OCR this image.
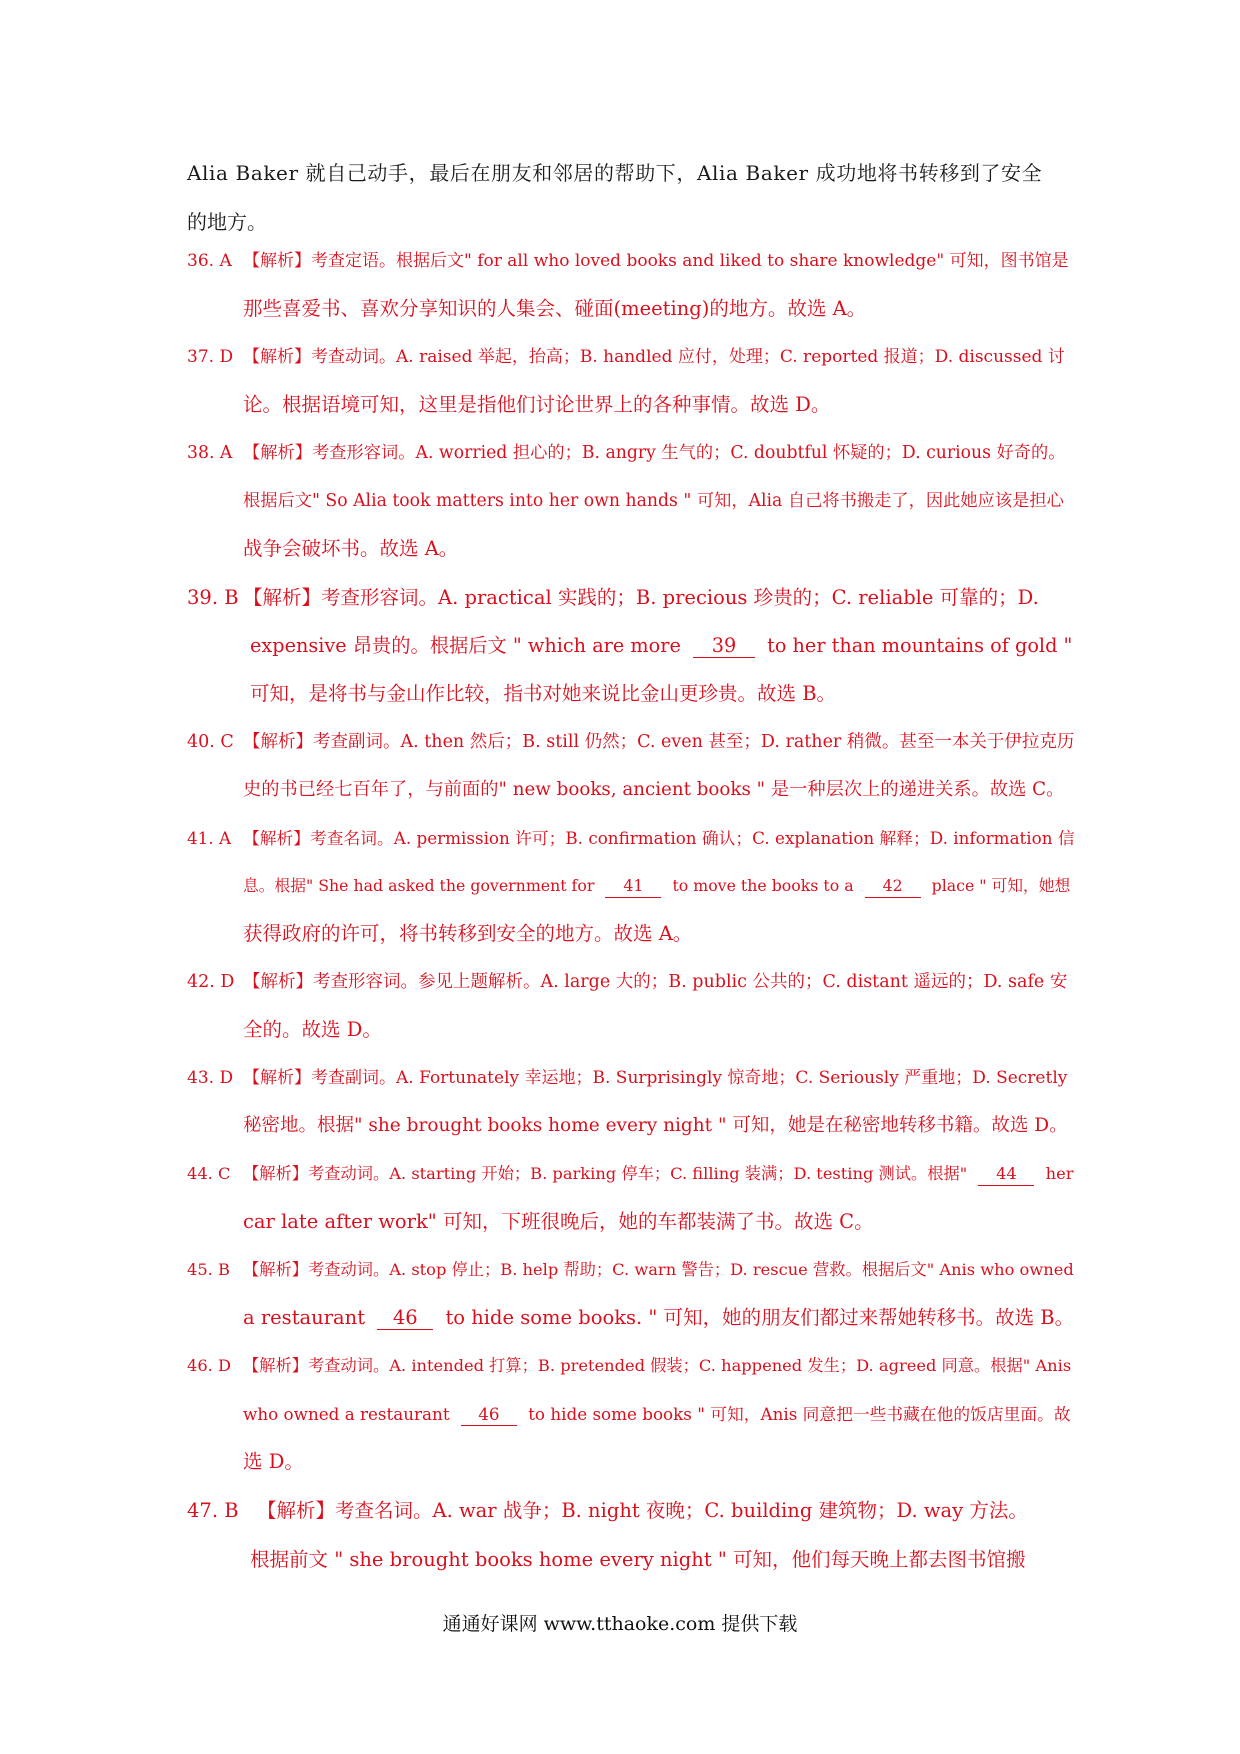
Alia Baker 就自己动手，最后在朋友和邻居的帮助下，Alia Baker 成功地将书转移到了安全
的地方。
36. A 【解析】考查定语。根据后文" for all who loved books and liked to share knowledge" 可知，图书馆是
那些喜爱书、喜欢分享知识的人集会、碰面(meeting)的地方。故选 A。
37. D 【解析】考查动词。A. raised 举起，抬高；B. handled 应付，处理；C. reported 报道；D. discussed 讨
论。根据语境可知，这里是指他们讨论世界上的各种事情。故选 D。
38. A 【解析】考查形容词。A. worried 担心的；B. angry 生气的；C. doubtful 怀疑的；D. curious 好奇的。
根据后文" So Alia took matters into her own hands " 可知，Alia 自己将书搬走了，因此她应该是担心
战争会破坏书。故选 A。
39. B 【解析】考查形容词。A. practical 实践的；B. precious 珍贵的；C. reliable 可靠的；D.
expensive 昂贵的。根据后文 " which are more 39 to her than mountains of gold "
可知，是将书与金山作比较，指书对她来说比金山更珍贵。故选 B。
40. C 【解析】考查副词。A. then 然后；B. still 仍然；C. even 甚至；D. rather 稍微。甚至一本关于伊拉克历
史的书已经七百年了，与前面的" new books, ancient books " 是一种层次上的递进关系。故选 C。
41. A 【解析】考查名词。A. permission 许可；B. confirmation 确认；C. explanation 解释；D. information 信
息。根据" She had asked the government for 41 to move the books to a 42 place " 可知，她想
获得政府的许可，将书转移到安全的地方。故选 A。
42. D 【解析】考查形容词。参见上题解析。A. large 大的；B. public 公共的；C. distant 遥远的；D. safe 安
全的。故选 D。
43. D 【解析】考查副词。A. Fortunately 幸运地；B. Surprisingly 惊奇地；C. Seriously 严重地；D. Secretly
秘密地。根据" she brought books home every night " 可知，她是在秘密地转移书籍。故选 D。
44. C 【解析】考查动词。A. starting 开始；B. parking 停车；C. filling 装满；D. testing 测试。根据" 44 her
car late after work" 可知，下班很晚后，她的车都装满了书。故选 C。
45. B 【解析】考查动词。A. stop 停止；B. help 帮助；C. warn 警告；D. rescue 营救。根据后文" Anis who owned
a restaurant 46 to hide some books. " 可知，她的朋友们都过来帮她转移书。故选 B。
46. D 【解析】考查动词。A. intended 打算；B. pretended 假装；C. happened 发生；D. agreed 同意。根据" Anis
who owned a restaurant 46 to hide some books " 可知，Anis 同意把一些书藏在他的饭店里面。故
选 D。
47. B 【解析】考查名词。A. war 战争；B. night 夜晚；C. building 建筑物；D. way 方法。
根据前文 " she brought books home every night " 可知，他们每天晚上都去图书馆搬
通通好课网 www.tthaoke.com 提供下载
